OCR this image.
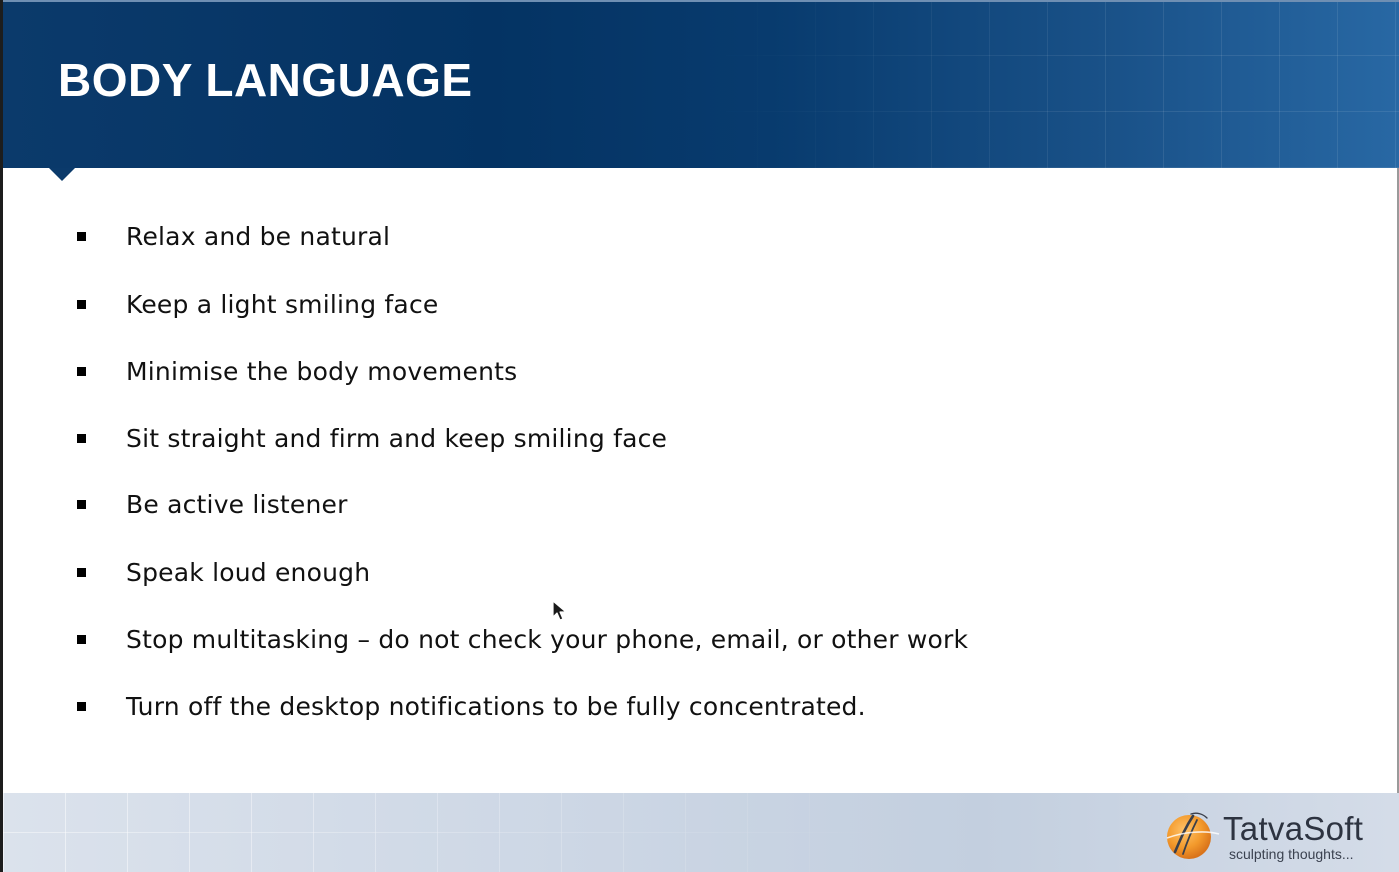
BODY LANGUAGE
Relax and be natural
Keep a light smiling face
Minimise the body movements
Sit straight and firm and keep smiling face
Be active listener
Speak loud enough
Stop multitasking – do not check your phone, email, or other work
Turn off the desktop notifications to be fully concentrated.
TatvaSoft
sculpting thoughts...
